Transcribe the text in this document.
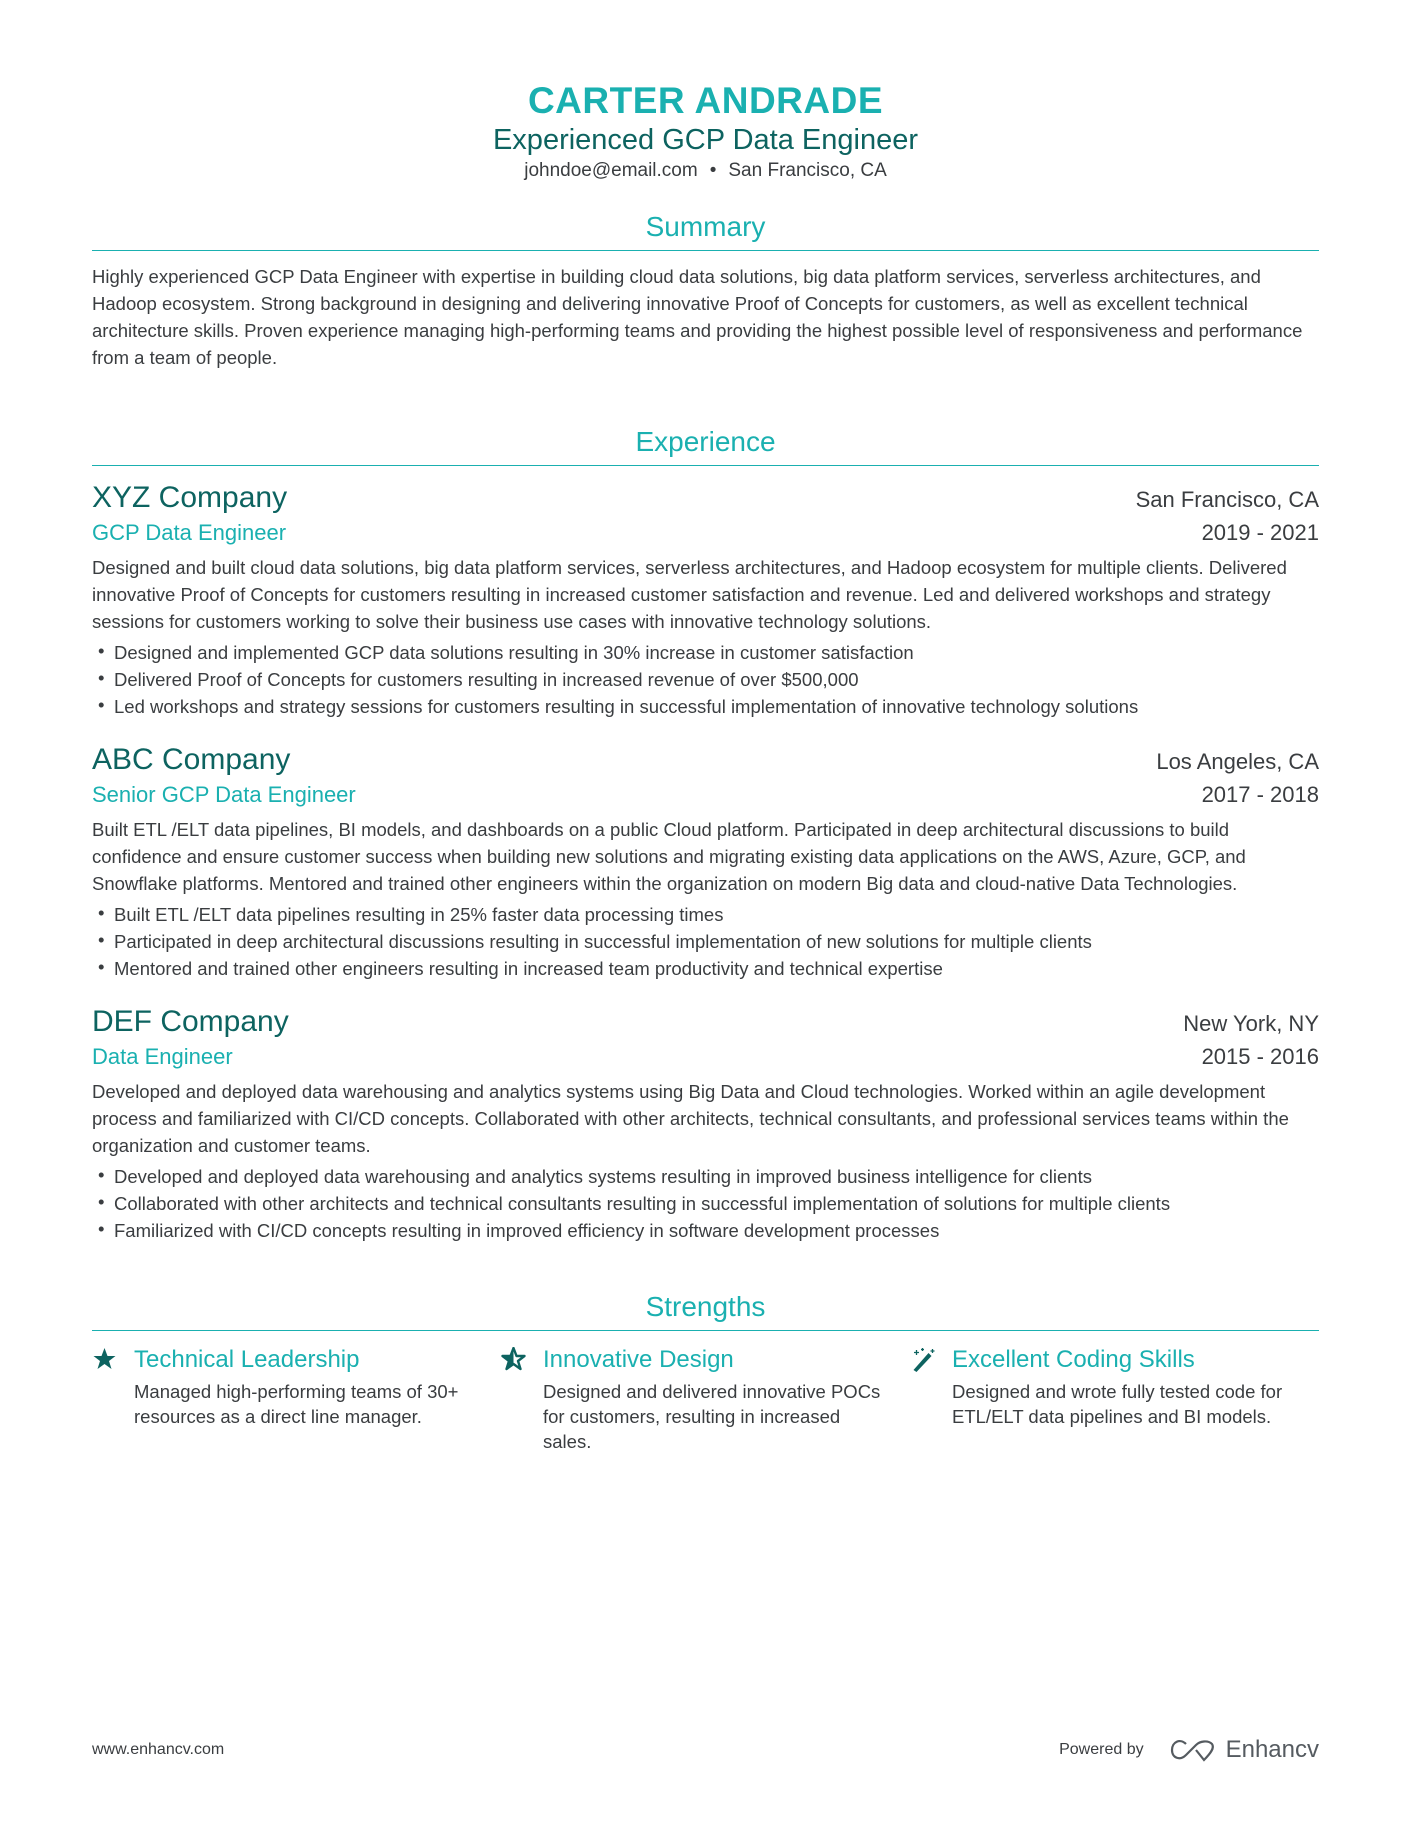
CARTER ANDRADE
Experienced GCP Data Engineer
johndoe@email.com • San Francisco, CA
Summary

Highly experienced GCP Data Engineer with expertise in building cloud data solutions, big data platform services, serverless architectures, and Hadoop ecosystem. Strong background in designing and delivering innovative Proof of Concepts for customers, as well as excellent technical architecture skills. Proven experience managing high-performing teams and providing the highest possible level of responsiveness and performance from a team of people.

Experience
XYZ Company	San Francisco, CA
GCP Data Engineer	2019 - 2021

Designed and built cloud data solutions, big data platform services, serverless architectures, and Hadoop ecosystem for multiple clients. Delivered innovative Proof of Concepts for customers resulting in increased customer satisfaction and revenue. Led and delivered workshops and strategy sessions for customers working to solve their business use cases with innovative technology solutions.

• Designed and implemented GCP data solutions resulting in 30% increase in customer satisfaction
• Delivered Proof of Concepts for customers resulting in increased revenue of over $500,000
• Led workshops and strategy sessions for customers resulting in successful implementation of innovative technology solutions
ABC Company	Los Angeles, CA
Senior GCP Data Engineer	2017 - 2018

Built ETL /ELT data pipelines, BI models, and dashboards on a public Cloud platform. Participated in deep architectural discussions to build confidence and ensure customer success when building new solutions and migrating existing data applications on the AWS, Azure, GCP, and Snowflake platforms. Mentored and trained other engineers within the organization on modern Big data and cloud-native Data Technologies.

• Built ETL /ELT data pipelines resulting in 25% faster data processing times
• Participated in deep architectural discussions resulting in successful implementation of new solutions for multiple clients
• Mentored and trained other engineers resulting in increased team productivity and technical expertise
DEF Company	New York, NY
Data Engineer	2015 - 2016

Developed and deployed data warehousing and analytics systems using Big Data and Cloud technologies. Worked within an agile development process and familiarized with CI/CD concepts. Collaborated with other architects, technical consultants, and professional services teams within the organization and customer teams.

• Developed and deployed data warehousing and analytics systems resulting in improved business intelligence for clients
• Collaborated with other architects and technical consultants resulting in successful implementation of solutions for multiple clients
• Familiarized with CI/CD concepts resulting in improved efficiency in software development processes
Strengths
Technical Leadership
Managed high-performing teams of 30+ resources as a direct line manager.
Innovative Design
Designed and delivered innovative POCs for customers, resulting in increased sales.
Excellent Coding Skills
Designed and wrote fully tested code for ETL/ELT data pipelines and BI models.
www.enhancv.com	Powered by	Enhancv
